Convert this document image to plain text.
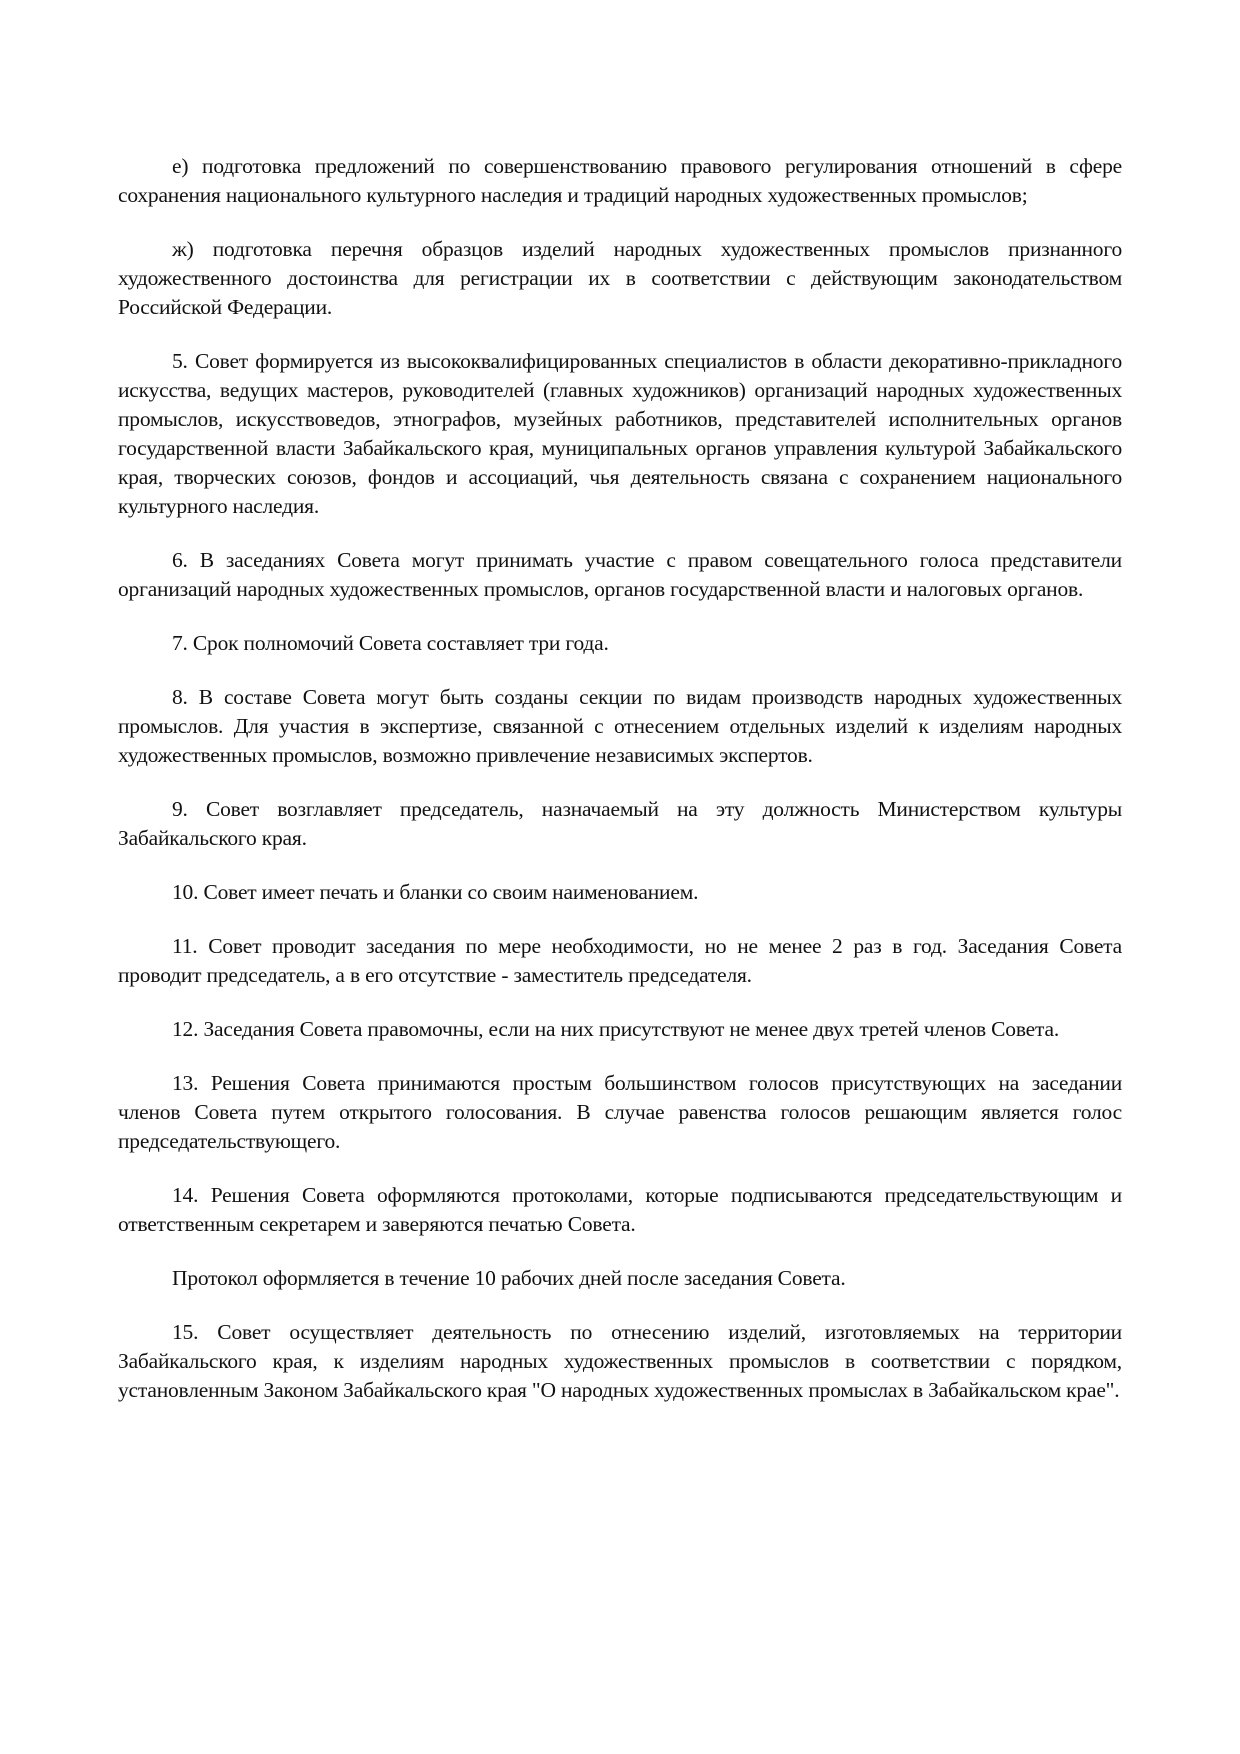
е) подготовка предложений по совершенствованию правового регулирования отношений в сфере сохранения национального культурного наследия и традиций народных художественных промыслов;

ж) подготовка перечня образцов изделий народных художественных промыслов признанного художественного достоинства для регистрации их в соответствии с действующим законодательством Российской Федерации.

5. Совет формируется из высококвалифицированных специалистов в области декоративно-прикладного искусства, ведущих мастеров, руководителей (главных художников) организаций народных художественных промыслов, искусствоведов, этнографов, музейных работников, представителей исполнительных органов государственной власти Забайкальского края, муниципальных органов управления культурой Забайкальского края, творческих союзов, фондов и ассоциаций, чья деятельность связана с сохранением национального культурного наследия.

6. В заседаниях Совета могут принимать участие с правом совещательного голоса представители организаций народных художественных промыслов, органов государственной власти и налоговых органов.

7. Срок полномочий Совета составляет три года.

8. В составе Совета могут быть созданы секции по видам производств народных художественных промыслов. Для участия в экспертизе, связанной с отнесением отдельных изделий к изделиям народных художественных промыслов, возможно привлечение независимых экспертов.

9. Совет возглавляет председатель, назначаемый на эту должность Министерством культуры Забайкальского края.

10. Совет имеет печать и бланки со своим наименованием.

11. Совет проводит заседания по мере необходимости, но не менее 2 раз в год. Заседания Совета проводит председатель, а в его отсутствие - заместитель председателя.

12. Заседания Совета правомочны, если на них присутствуют не менее двух третей членов Совета.

13. Решения Совета принимаются простым большинством голосов присутствующих на заседании членов Совета путем открытого голосования. В случае равенства голосов решающим является голос председательствующего.

14. Решения Совета оформляются протоколами, которые подписываются председательствующим и ответственным секретарем и заверяются печатью Совета.

Протокол оформляется в течение 10 рабочих дней после заседания Совета.

15. Совет осуществляет деятельность по отнесению изделий, изготовляемых на территории Забайкальского края, к изделиям народных художественных промыслов в соответствии с порядком, установленным Законом Забайкальского края "О народных художественных промыслах в Забайкальском крае".
